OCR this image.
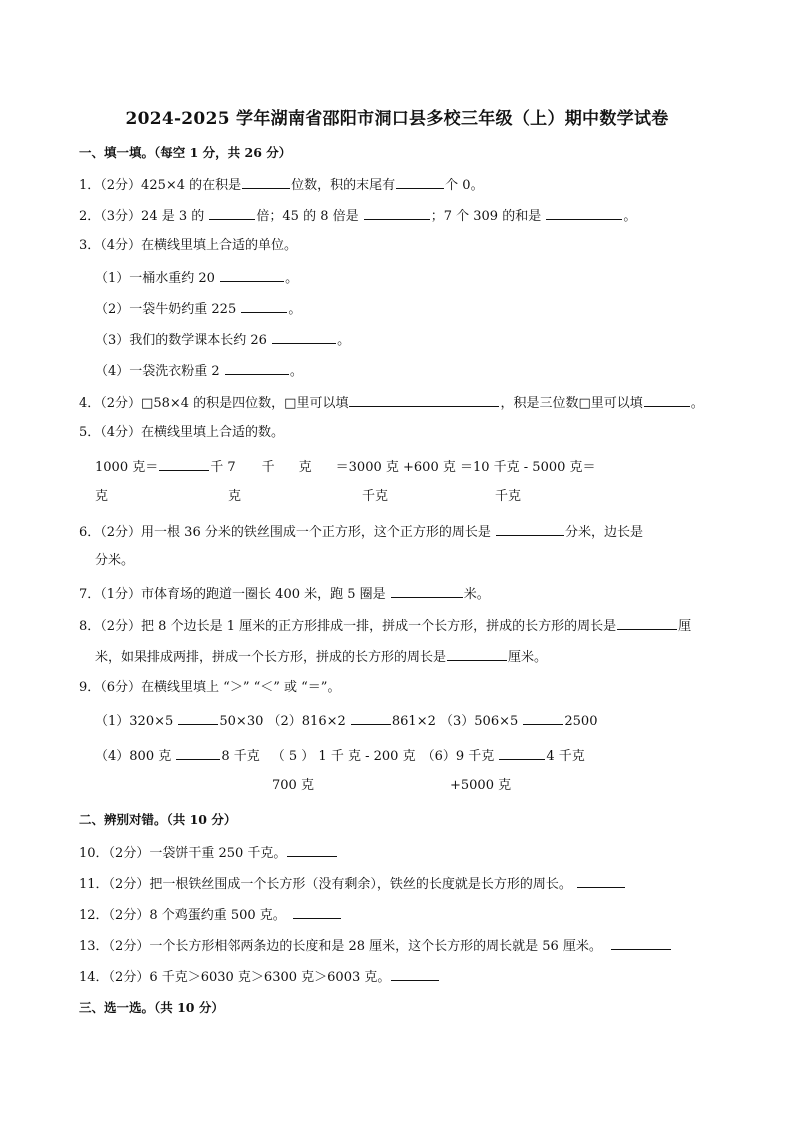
2024-2025 学年湖南省邵阳市洞口县多校三年级（上）期中数学试卷
一、填一填。（每空 1 分，共 26 分）
1．（2分）425×4 的在积是	位数，积的末尾有	个 0。
2．（3分）24 是 3 的	倍；45 的 8 倍是	；7 个 309 的和是	。
3．（4分）在横线里填上合适的单位。
（1）一桶水重约 20	。
（2）一袋牛奶约重 225	。
（3）我们的数学课本长约 26	。
（4）一袋洗衣粉重 2	。
4．（2分）□58×4 的积是四位数，□里可以填	，积是三位数□里可以填	。
5．（4分）在横线里填上合适的数。
1000 克＝	千 7 千 克 ＝3000 克 +600 克 ＝10 千克 - 5000 克＝
克	克	千克	千克
6．（2分）用一根 36 分米的铁丝围成一个正方形，这个正方形的周长是	分米，边长是
分米。
7．（1分）市体育场的跑道一圈长 400 米，跑 5 圈是	米。
8．（2分）把 8 个边长是 1 厘米的正方形排成一排，拼成一个长方形，拼成的长方形的周长是	厘
米，如果排成两排，拼成一个长方形，拼成的长方形的周长是	厘米。
9．（6分）在横线里填上 “＞” “＜” 或 “＝”。
（1）320×5	50×30 （2）816×2	861×2 （3）506×5	2500
（4）800 克	8 千克 （ 5 ） 1 千 克 - 200 克 （6）9 千克	4 千克
700 克	+5000 克
二、辨别对错。（共 10 分）
10．（2分）一袋饼干重 250 千克。
11．（2分）把一根铁丝围成一个长方形（没有剩余），铁丝的长度就是长方形的周长。
12．（2分）8 个鸡蛋约重 500 克。
13．（2分）一个长方形相邻两条边的长度和是 28 厘米，这个长方形的周长就是 56 厘米。
14．（2分）6 千克＞6030 克＞6300 克＞6003 克。
三、选一选。（共 10 分）
